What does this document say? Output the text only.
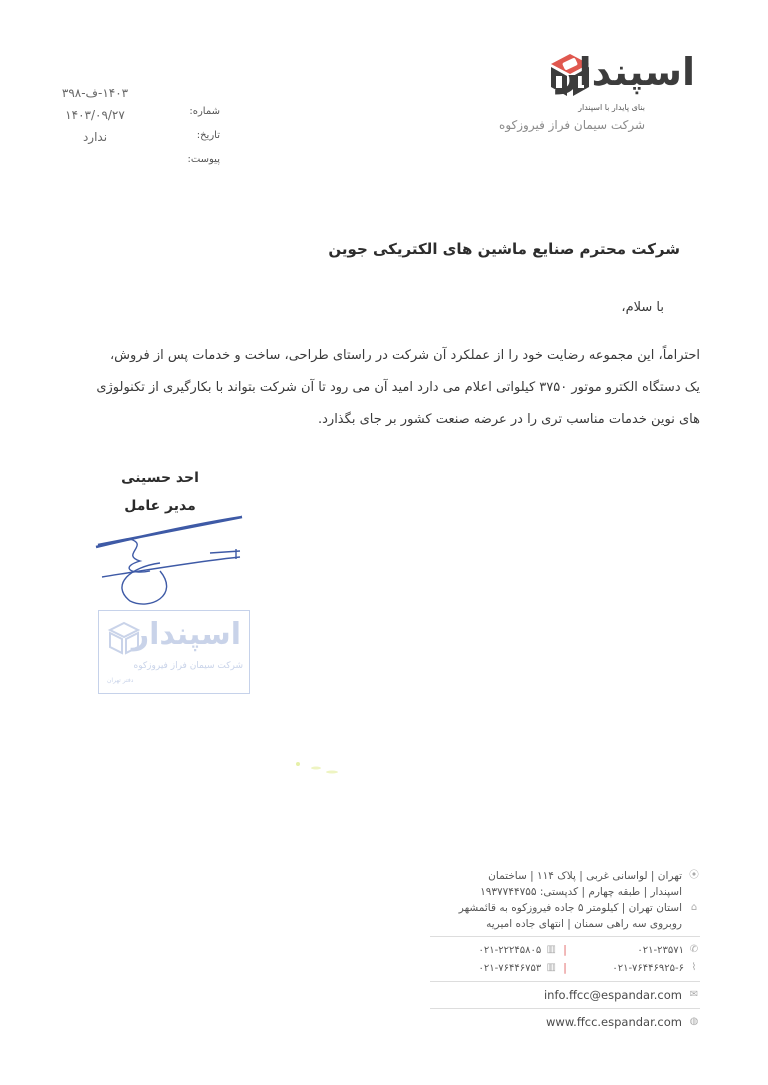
اسپندار
بنای پایدار با اسپندار
شرکت سیمان فراز فیروزکوه
شماره:
تاریخ:
پیوست:
۱۴۰۳-ف-۳۹۸
۱۴۰۳/۰۹/۲۷
ندارد
شرکت محترم صنایع ماشین های الکتریکی جوین
با سلام،
احتراماً، این مجموعه رضایت خود را از عملکرد آن شرکت در راستای طراحی، ساخت و خدمات پس از فروش،
یک دستگاه الکترو موتور ۳۷۵۰ کیلواتی اعلام می دارد امید آن می رود تا آن شرکت بتواند با بکارگیری از تکنولوژی
های نوین خدمات مناسب تری را در عرضه صنعت کشور بر جای بگذارد.
احد حسینی
مدیر عامل
اسپندار
شرکت سیمان فراز فیروزکوه
دفتر تهران
⦿
تهران | لواسانی غربی | پلاک ۱۱۴ | ساختمان
اسپندار | طبقه چهارم | کدپستی: ۱۹۳۷۷۴۴۷۵۵
⌂
استان تهران | کیلومتر ۵ جاده فیروزکوه به قائمشهر
روبروی سه راهی سمنان | انتهای جاده امیریه
✆
۰۲۱-۲۳۵۷۱
|
▥
۰۲۱-۲۲۲۴۵۸۰۵
⌇
۰۲۱-۷۶۴۴۶۹۲۵-۶
|
▥
۰۲۱-۷۶۴۴۶۷۵۳
info.ffcc@espandar.com ✉
www.ffcc.espandar.com ◍
